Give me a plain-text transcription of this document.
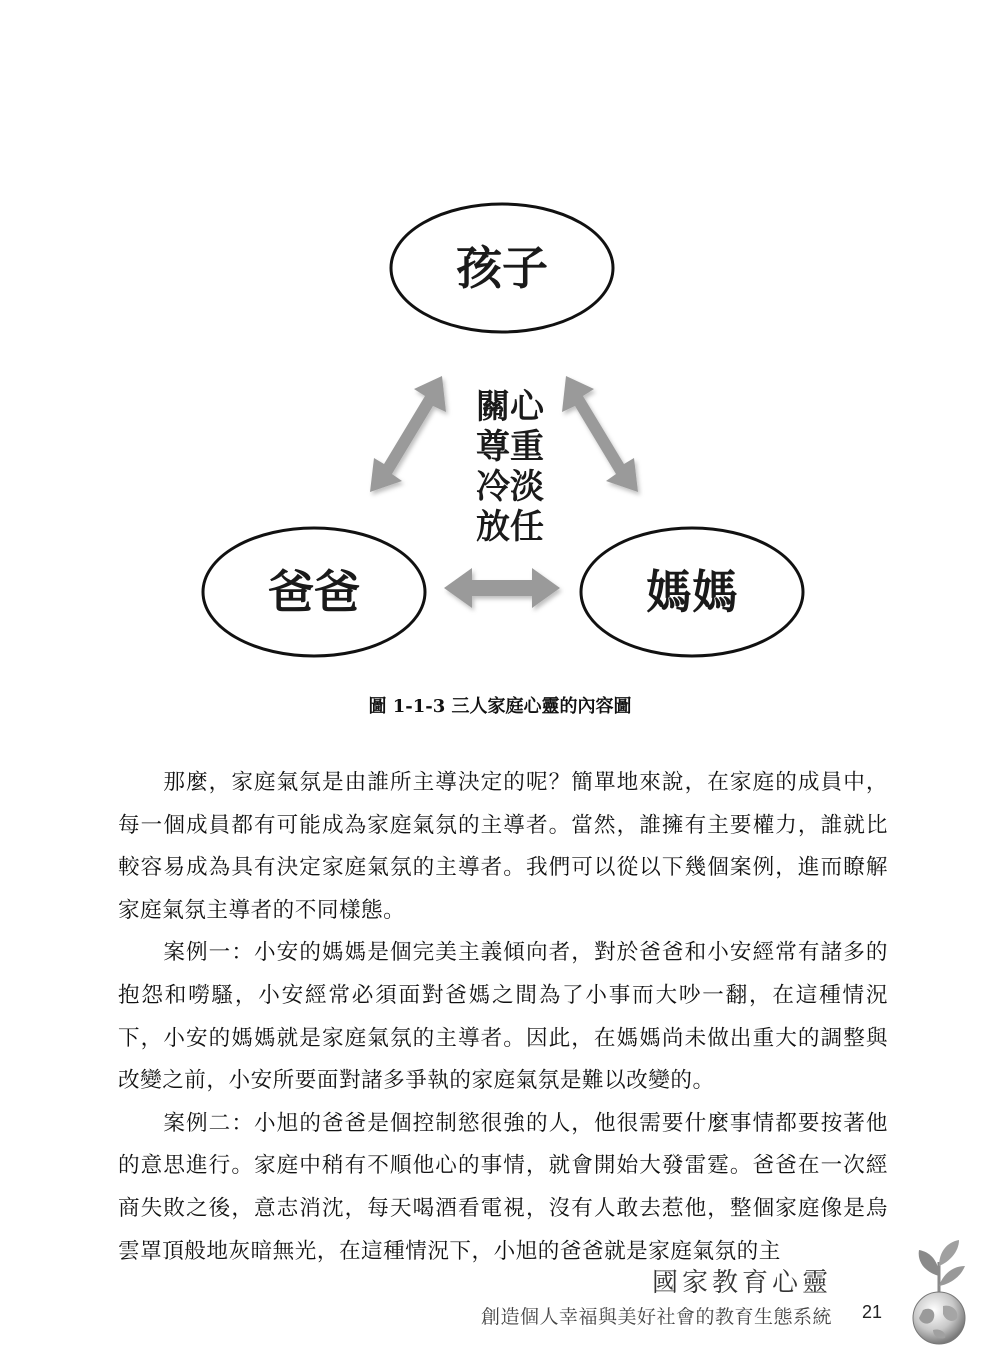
孩子
爸爸	媽媽
關心
尊重
冷淡
放任
圖 1-1-3 三人家庭心靈的內容圖

那麼，家庭氣氛是由誰所主導決定的呢？簡單地來說，在家庭的成員中，每一個成員都有可能成為家庭氣氛的主導者。當然，誰擁有主要權力，誰就比較容易成為具有決定家庭氣氛的主導者。我們可以從以下幾個案例，進而瞭解家庭氣氛主導者的不同樣態。

案例一：小安的媽媽是個完美主義傾向者，對於爸爸和小安經常有諸多的抱怨和嘮騷，小安經常必須面對爸媽之間為了小事而大吵一翻，在這種情況下，小安的媽媽就是家庭氣氛的主導者。因此，在媽媽尚未做出重大的調整與改變之前，小安所要面對諸多爭執的家庭氣氛是難以改變的。

案例二：小旭的爸爸是個控制慾很強的人，他很需要什麼事情都要按著他的意思進行。家庭中稍有不順他心的事情，就會開始大發雷霆。爸爸在一次經商失敗之後，意志消沈，每天喝酒看電視，沒有人敢去惹他，整個家庭像是烏雲罩頂般地灰暗無光，在這種情況下，小旭的爸爸就是家庭氣氛的主

國家教育心靈
創造個人幸福與美好社會的教育生態系統 21
